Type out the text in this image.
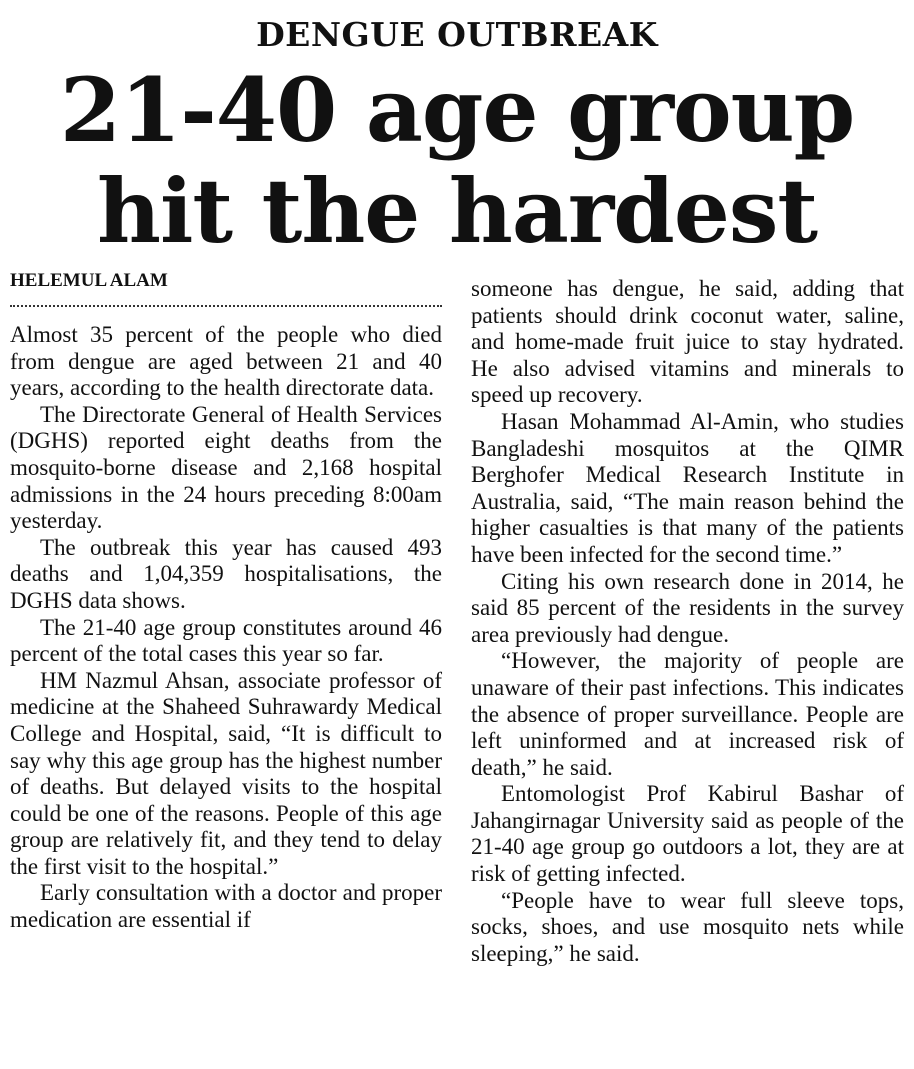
DENGUE OUTBREAK
21-40 age group
hit the hardest
HELEMUL ALAM

Almost 35 percent of the people who died from dengue are aged between 21 and 40 years, according to the health directorate data.

The Directorate General of Health Services (DGHS) reported eight deaths from the mosquito-borne disease and 2,168 hospital admissions in the 24 hours preceding 8:00am yesterday.

The outbreak this year has caused 493 deaths and 1,04,359 hospitalisations, the DGHS data shows.

The 21-40 age group constitutes around 46 percent of the total cases this year so far.

HM Nazmul Ahsan, associate professor of medicine at the Shaheed Suhrawardy Medical College and Hospital, said, “It is difficult to say why this age group has the highest number of deaths. But delayed visits to the hospital could be one of the reasons. People of this age group are relatively fit, and they tend to delay the first visit to the hospital.”

Early consultation with a doctor and proper medication are essential if

someone has dengue, he said, adding that patients should drink coconut water, saline, and home-made fruit juice to stay hydrated. He also advised vitamins and minerals to speed up recovery.

Hasan Mohammad Al-Amin, who studies Bangladeshi mosquitos at the QIMR Berghofer Medical Research Institute in Australia, said, “The main reason behind the higher casualties is that many of the patients have been infected for the second time.”

Citing his own research done in 2014, he said 85 percent of the residents in the survey area previously had dengue.

“However, the majority of people are unaware of their past infections. This indicates the absence of proper surveillance. People are left uninformed and at increased risk of death,” he said.

Entomologist Prof Kabirul Bashar of Jahangirnagar University said as people of the 21-40 age group go outdoors a lot, they are at risk of getting infected.

“People have to wear full sleeve tops, socks, shoes, and use mosquito nets while sleeping,” he said.
